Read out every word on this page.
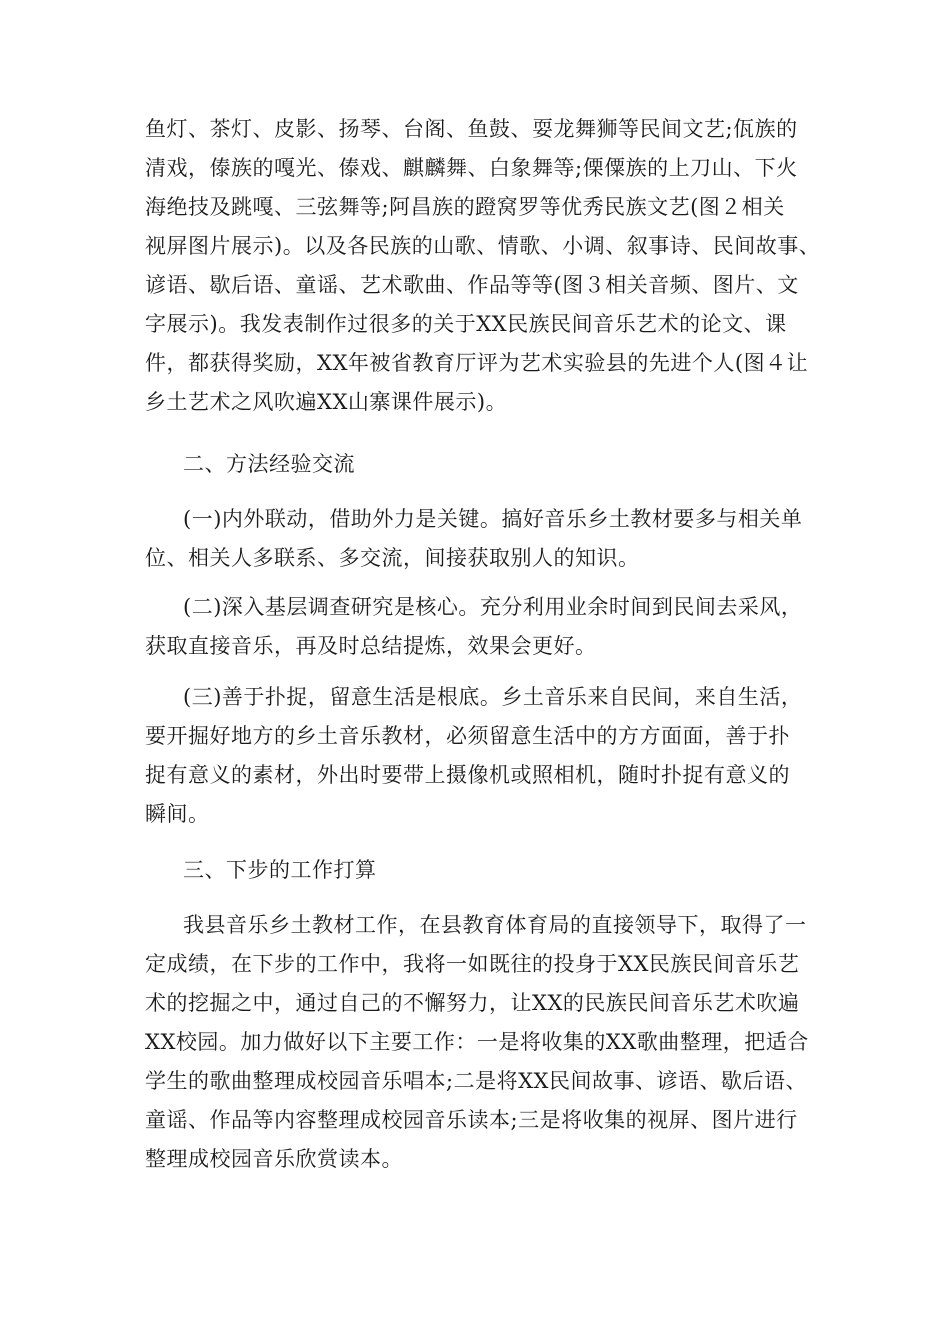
鱼灯、茶灯、皮影、扬琴、台阁、鱼鼓、耍龙舞狮等民间文艺;佤族的

清戏，傣族的嘎光、傣戏、麒麟舞、白象舞等;傈僳族的上刀山、下火

海绝技及跳嘎、三弦舞等;阿昌族的蹬窝罗等优秀民族文艺(图２相关

视屏图片展示)。以及各民族的山歌、情歌、小调、叙事诗、民间故事、

谚语、歇后语、童谣、艺术歌曲、作品等等(图３相关音频、图片、文

字展示)。我发表制作过很多的关于XX民族民间音乐艺术的论文、课

件，都获得奖励，XX年被省教育厅评为艺术实验县的先进个人(图４让

乡土艺术之风吹遍XX山寨课件展示)。

二、方法经验交流

(一)内外联动，借助外力是关键。搞好音乐乡土教材要多与相关单

位、相关人多联系、多交流，间接获取别人的知识。

(二)深入基层调查研究是核心。充分利用业余时间到民间去采风，

获取直接音乐，再及时总结提炼，效果会更好。

(三)善于扑捉，留意生活是根底。乡土音乐来自民间，来自生活，

要开掘好地方的乡土音乐教材，必须留意生活中的方方面面，善于扑

捉有意义的素材，外出时要带上摄像机或照相机，随时扑捉有意义的

瞬间。

三、下步的工作打算

我县音乐乡土教材工作，在县教育体育局的直接领导下，取得了一

定成绩，在下步的工作中，我将一如既往的投身于XX民族民间音乐艺

术的挖掘之中，通过自己的不懈努力，让XX的民族民间音乐艺术吹遍

XX校园。加力做好以下主要工作：一是将收集的XX歌曲整理，把适合

学生的歌曲整理成校园音乐唱本;二是将XX民间故事、谚语、歇后语、

童谣、作品等内容整理成校园音乐读本;三是将收集的视屏、图片进行

整理成校园音乐欣赏读本。
